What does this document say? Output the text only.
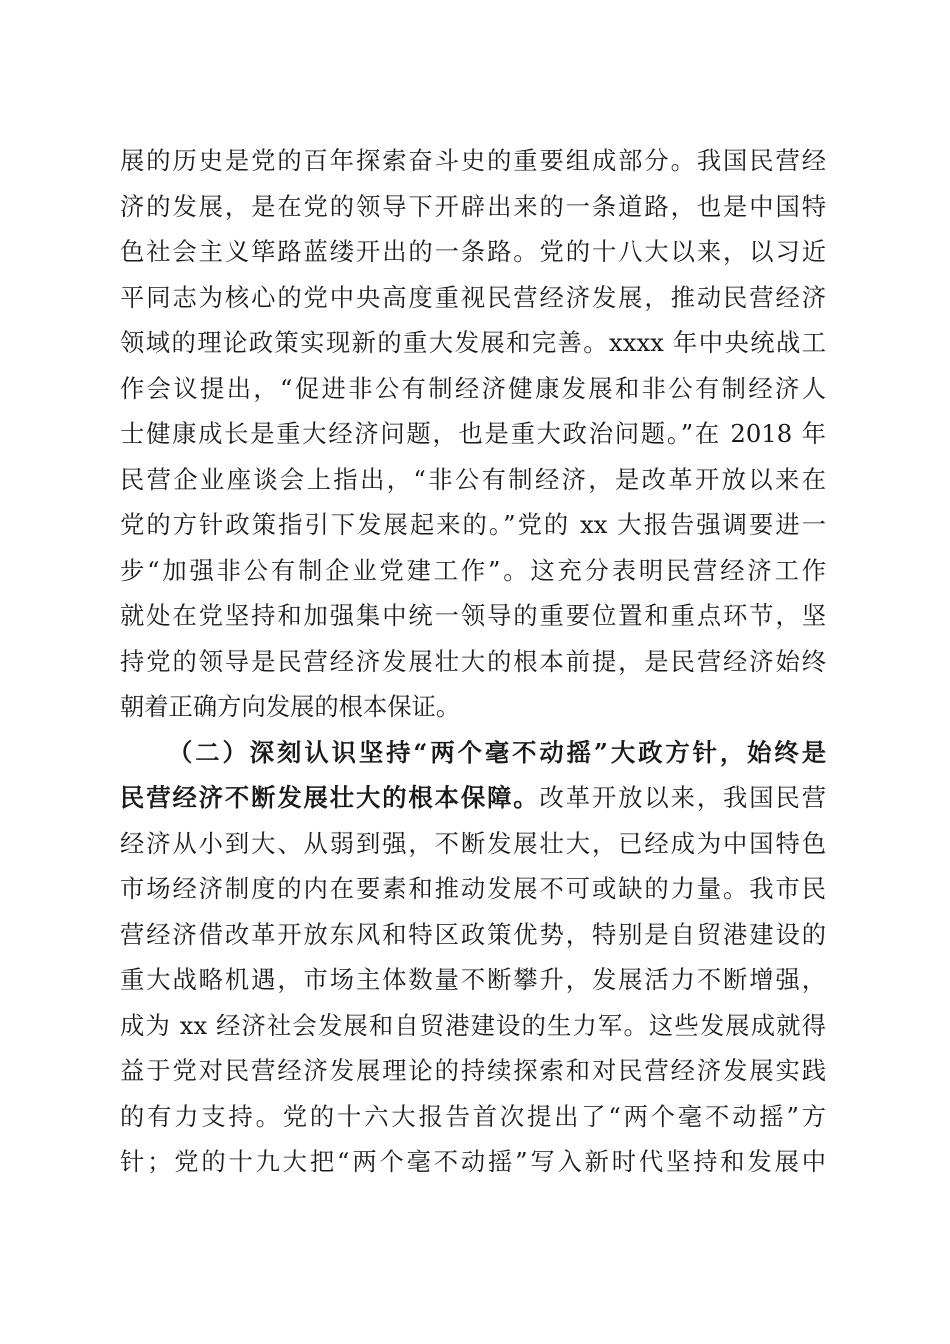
展的历史是党的百年探索奋斗史的重要组成部分。我国民营经
济的发展，是在党的领导下开辟出来的一条道路，也是中国特
色社会主义筚路蓝缕开出的一条路。党的十八大以来，以习近
平同志为核心的党中央高度重视民营经济发展，推动民营经济
领域的理论政策实现新的重大发展和完善。xxxx 年中央统战工
作会议提出，“促进非公有制经济健康发展和非公有制经济人
士健康成长是重大经济问题，也是重大政治问题。”在 2018 年
民营企业座谈会上指出，“非公有制经济，是改革开放以来在
党的方针政策指引下发展起来的。”党的 xx 大报告强调要进一
步“加强非公有制企业党建工作”。这充分表明民营经济工作
就处在党坚持和加强集中统一领导的重要位置和重点环节，坚
持党的领导是民营经济发展壮大的根本前提，是民营经济始终
朝着正确方向发展的根本保证。
（二）深刻认识坚持“两个毫不动摇”大政方针，始终是
民营经济不断发展壮大的根本保障。改革开放以来，我国民营
经济从小到大、从弱到强，不断发展壮大，已经成为中国特色
市场经济制度的内在要素和推动发展不可或缺的力量。我市民
营经济借改革开放东风和特区政策优势，特别是自贸港建设的
重大战略机遇，市场主体数量不断攀升，发展活力不断增强，
成为 xx 经济社会发展和自贸港建设的生力军。这些发展成就得
益于党对民营经济发展理论的持续探索和对民营经济发展实践
的有力支持。党的十六大报告首次提出了“两个毫不动摇”方
针；党的十九大把“两个毫不动摇”写入新时代坚持和发展中
